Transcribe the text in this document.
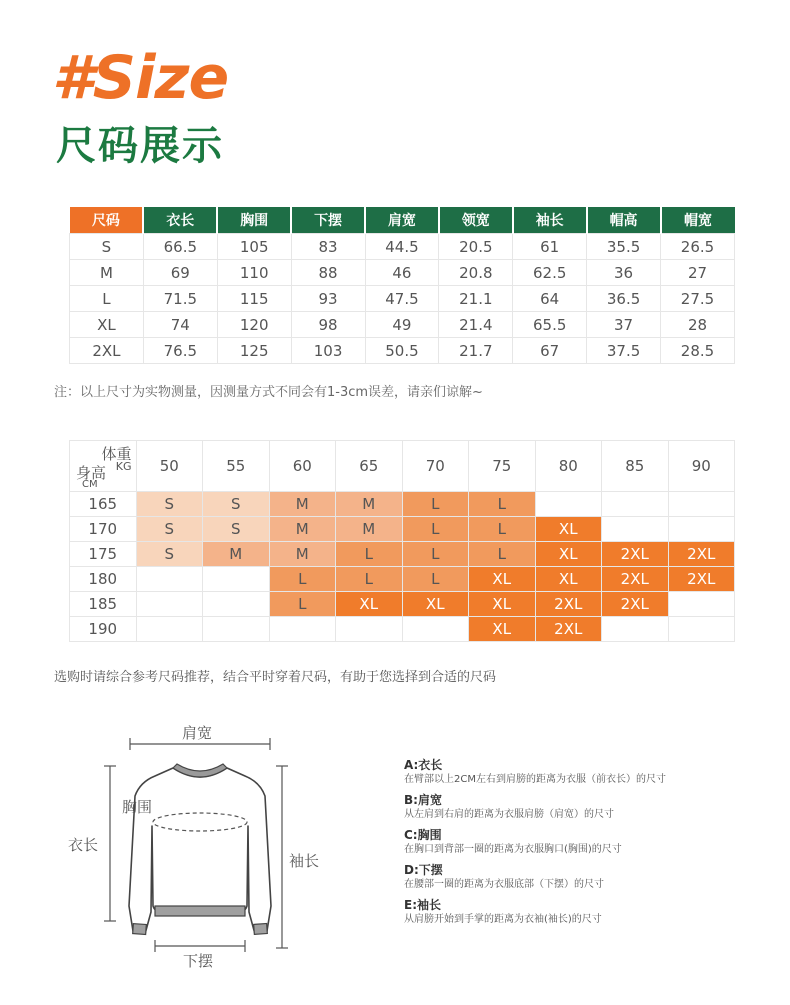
#Size
尺码展示
尺码	衣长	胸围	下摆	肩宽	领宽	袖长	帽高	帽宽
S	66.5	105	83	44.5	20.5	61	35.5	26.5
M	69	110	88	46	20.8	62.5	36	27
L	71.5	115	93	47.5	21.1	64	36.5	27.5
XL	74	120	98	49	21.4	65.5	37	28
2XL	76.5	125	103	50.5	21.7	67	37.5	28.5
注：以上尺寸为实物测量，因测量方式不同会有1-3cm误差，请亲们谅解~
体重
KG
身高
CM	50	55	60	65	70	75	80	85	90
165	S	S	M	M	L	L			
170	S	S	M	M	L	L	XL		
175	S	M	M	L	L	L	XL	2XL	2XL
180			L	L	L	XL	XL	2XL	2XL
185			L	XL	XL	XL	2XL	2XL	
190						XL	2XL		
选购时请综合参考尺码推荐，结合平时穿着尺码，有助于您选择到合适的尺码
肩宽
胸围
衣长
袖长
下摆
A:衣长
在臂部以上2CM左右到肩膀的距离为衣服（前衣长）的尺寸
B:肩宽
从左肩到右肩的距离为衣服肩膀（肩宽）的尺寸
C:胸围
在胸口到背部一圈的距离为衣服胸口(胸围)的尺寸
D:下摆
在腰部一圈的距离为衣服底部（下摆）的尺寸
E:袖长
从肩膀开始到手掌的距离为衣袖(袖长)的尺寸
